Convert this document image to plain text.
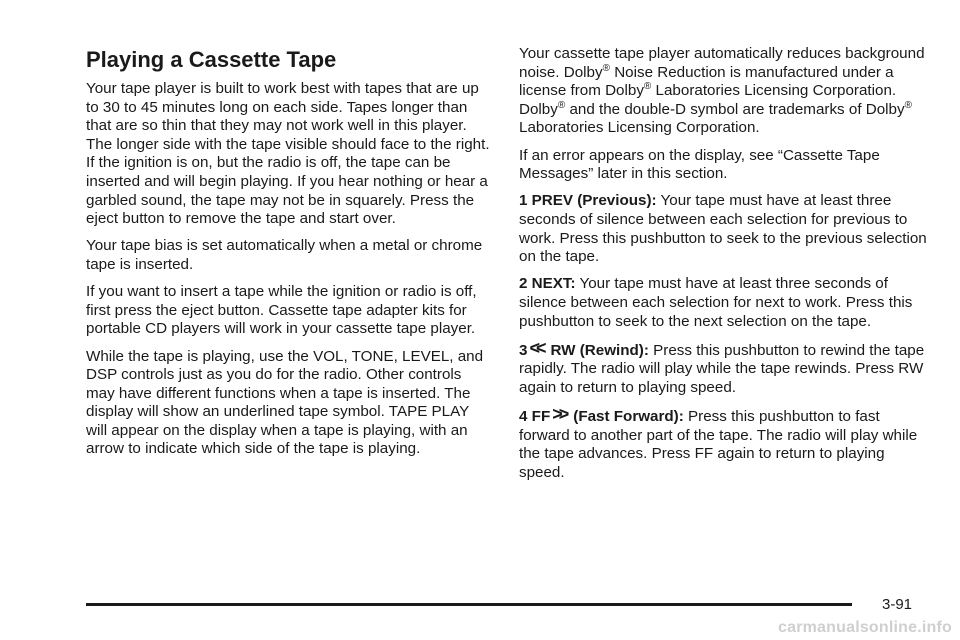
Playing a Cassette Tape

Your tape player is built to work best with tapes that are up to 30 to 45 minutes long on each side. Tapes longer than that are so thin that they may not work well in this player. The longer side with the tape visible should face to the right. If the ignition is on, but the radio is off, the tape can be inserted and will begin playing. If you hear nothing or hear a garbled sound, the tape may not be in squarely. Press the eject button to remove the tape and start over.

Your tape bias is set automatically when a metal or chrome tape is inserted.

If you want to insert a tape while the ignition or radio is off, first press the eject button. Cassette tape adapter kits for portable CD players will work in your cassette tape player.

While the tape is playing, use the VOL, TONE, LEVEL, and DSP controls just as you do for the radio. Other controls may have different functions when a tape is inserted. The display will show an underlined tape symbol. TAPE PLAY will appear on the display when a tape is playing, with an arrow to indicate which side of the tape is playing.

Your cassette tape player automatically reduces background noise. Dolby® Noise Reduction is manufactured under a license from Dolby® Laboratories Licensing Corporation. Dolby® and the double-D symbol are trademarks of Dolby® Laboratories Licensing Corporation.

If an error appears on the display, see “Cassette Tape Messages” later in this section.

1 PREV (Previous): Your tape must have at least three seconds of silence between each selection for previous to work. Press this pushbutton to seek to the previous selection on the tape.

2 NEXT: Your tape must have at least three seconds of silence between each selection for next to work. Press this pushbutton to seek to the next selection on the tape.

3 << RW (Rewind): Press this pushbutton to rewind the tape rapidly. The radio will play while the tape rewinds. Press RW again to return to playing speed.

4 FF >> (Fast Forward): Press this pushbutton to fast forward to another part of the tape. The radio will play while the tape advances. Press FF again to return to playing speed.

3-91
carmanualsonline.info
